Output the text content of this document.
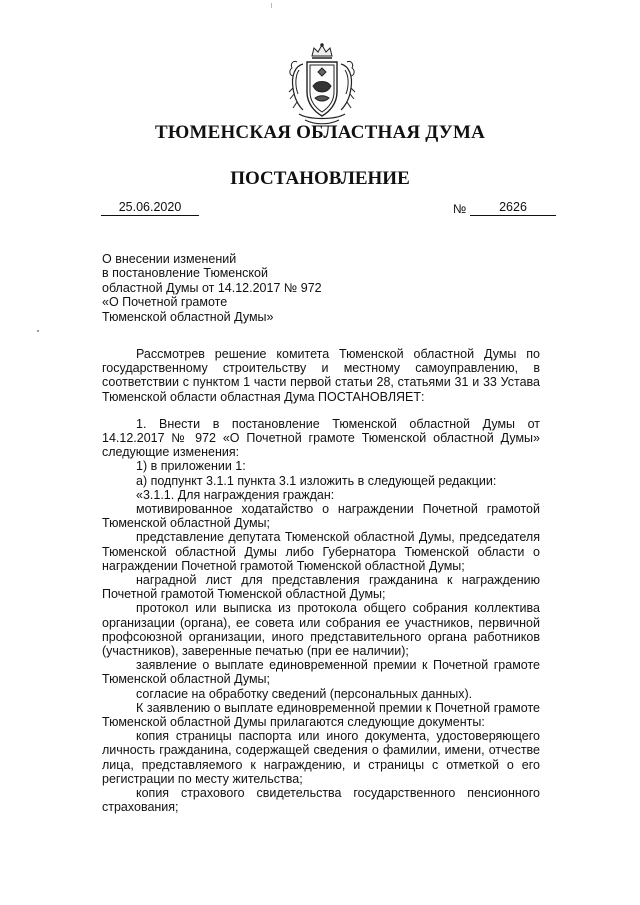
ТЮМЕНСКАЯ ОБЛАСТНАЯ ДУМА
ПОСТАНОВЛЕНИЕ
25.06.2020	№	2626
О внесении изменений
в постановление Тюменской
областной Думы от 14.12.2017 № 972
«О Почетной грамоте
Тюменской областной Думы»
Рассмотрев решение комитета Тюменской областной Думы по государственному строительству и местному самоуправлению, в соответствии с пунктом 1 части первой статьи 28, статьями 31 и 33 Устава Тюменской области областная Дума ПОСТАНОВЛЯЕТ:
1. Внести в постановление Тюменской областной Думы от 14.12.2017 № 972 «О Почетной грамоте Тюменской областной Думы» следующие изменения:
1) в приложении 1:
а) подпункт 3.1.1 пункта 3.1 изложить в следующей редакции:
«3.1.1. Для награждения граждан:
мотивированное ходатайство о награждении Почетной грамотой Тюменской областной Думы;
представление депутата Тюменской областной Думы, председателя Тюменской областной Думы либо Губернатора Тюменской области о награждении Почетной грамотой Тюменской областной Думы;
наградной лист для представления гражданина к награждению Почетной грамотой Тюменской областной Думы;
протокол или выписка из протокола общего собрания коллектива организации (органа), ее совета или собрания ее участников, первичной профсоюзной организации, иного представительного органа работников (участников), заверенные печатью (при ее наличии);
заявление о выплате единовременной премии к Почетной грамоте Тюменской областной Думы;
согласие на обработку сведений (персональных данных).
К заявлению о выплате единовременной премии к Почетной грамоте Тюменской областной Думы прилагаются следующие документы:
копия страницы паспорта или иного документа, удостоверяющего личность гражданина, содержащей сведения о фамилии, имени, отчестве лица, представляемого к награждению, и страницы с отметкой о его регистрации по месту жительства;
копия страхового свидетельства государственного пенсионного страхования;
